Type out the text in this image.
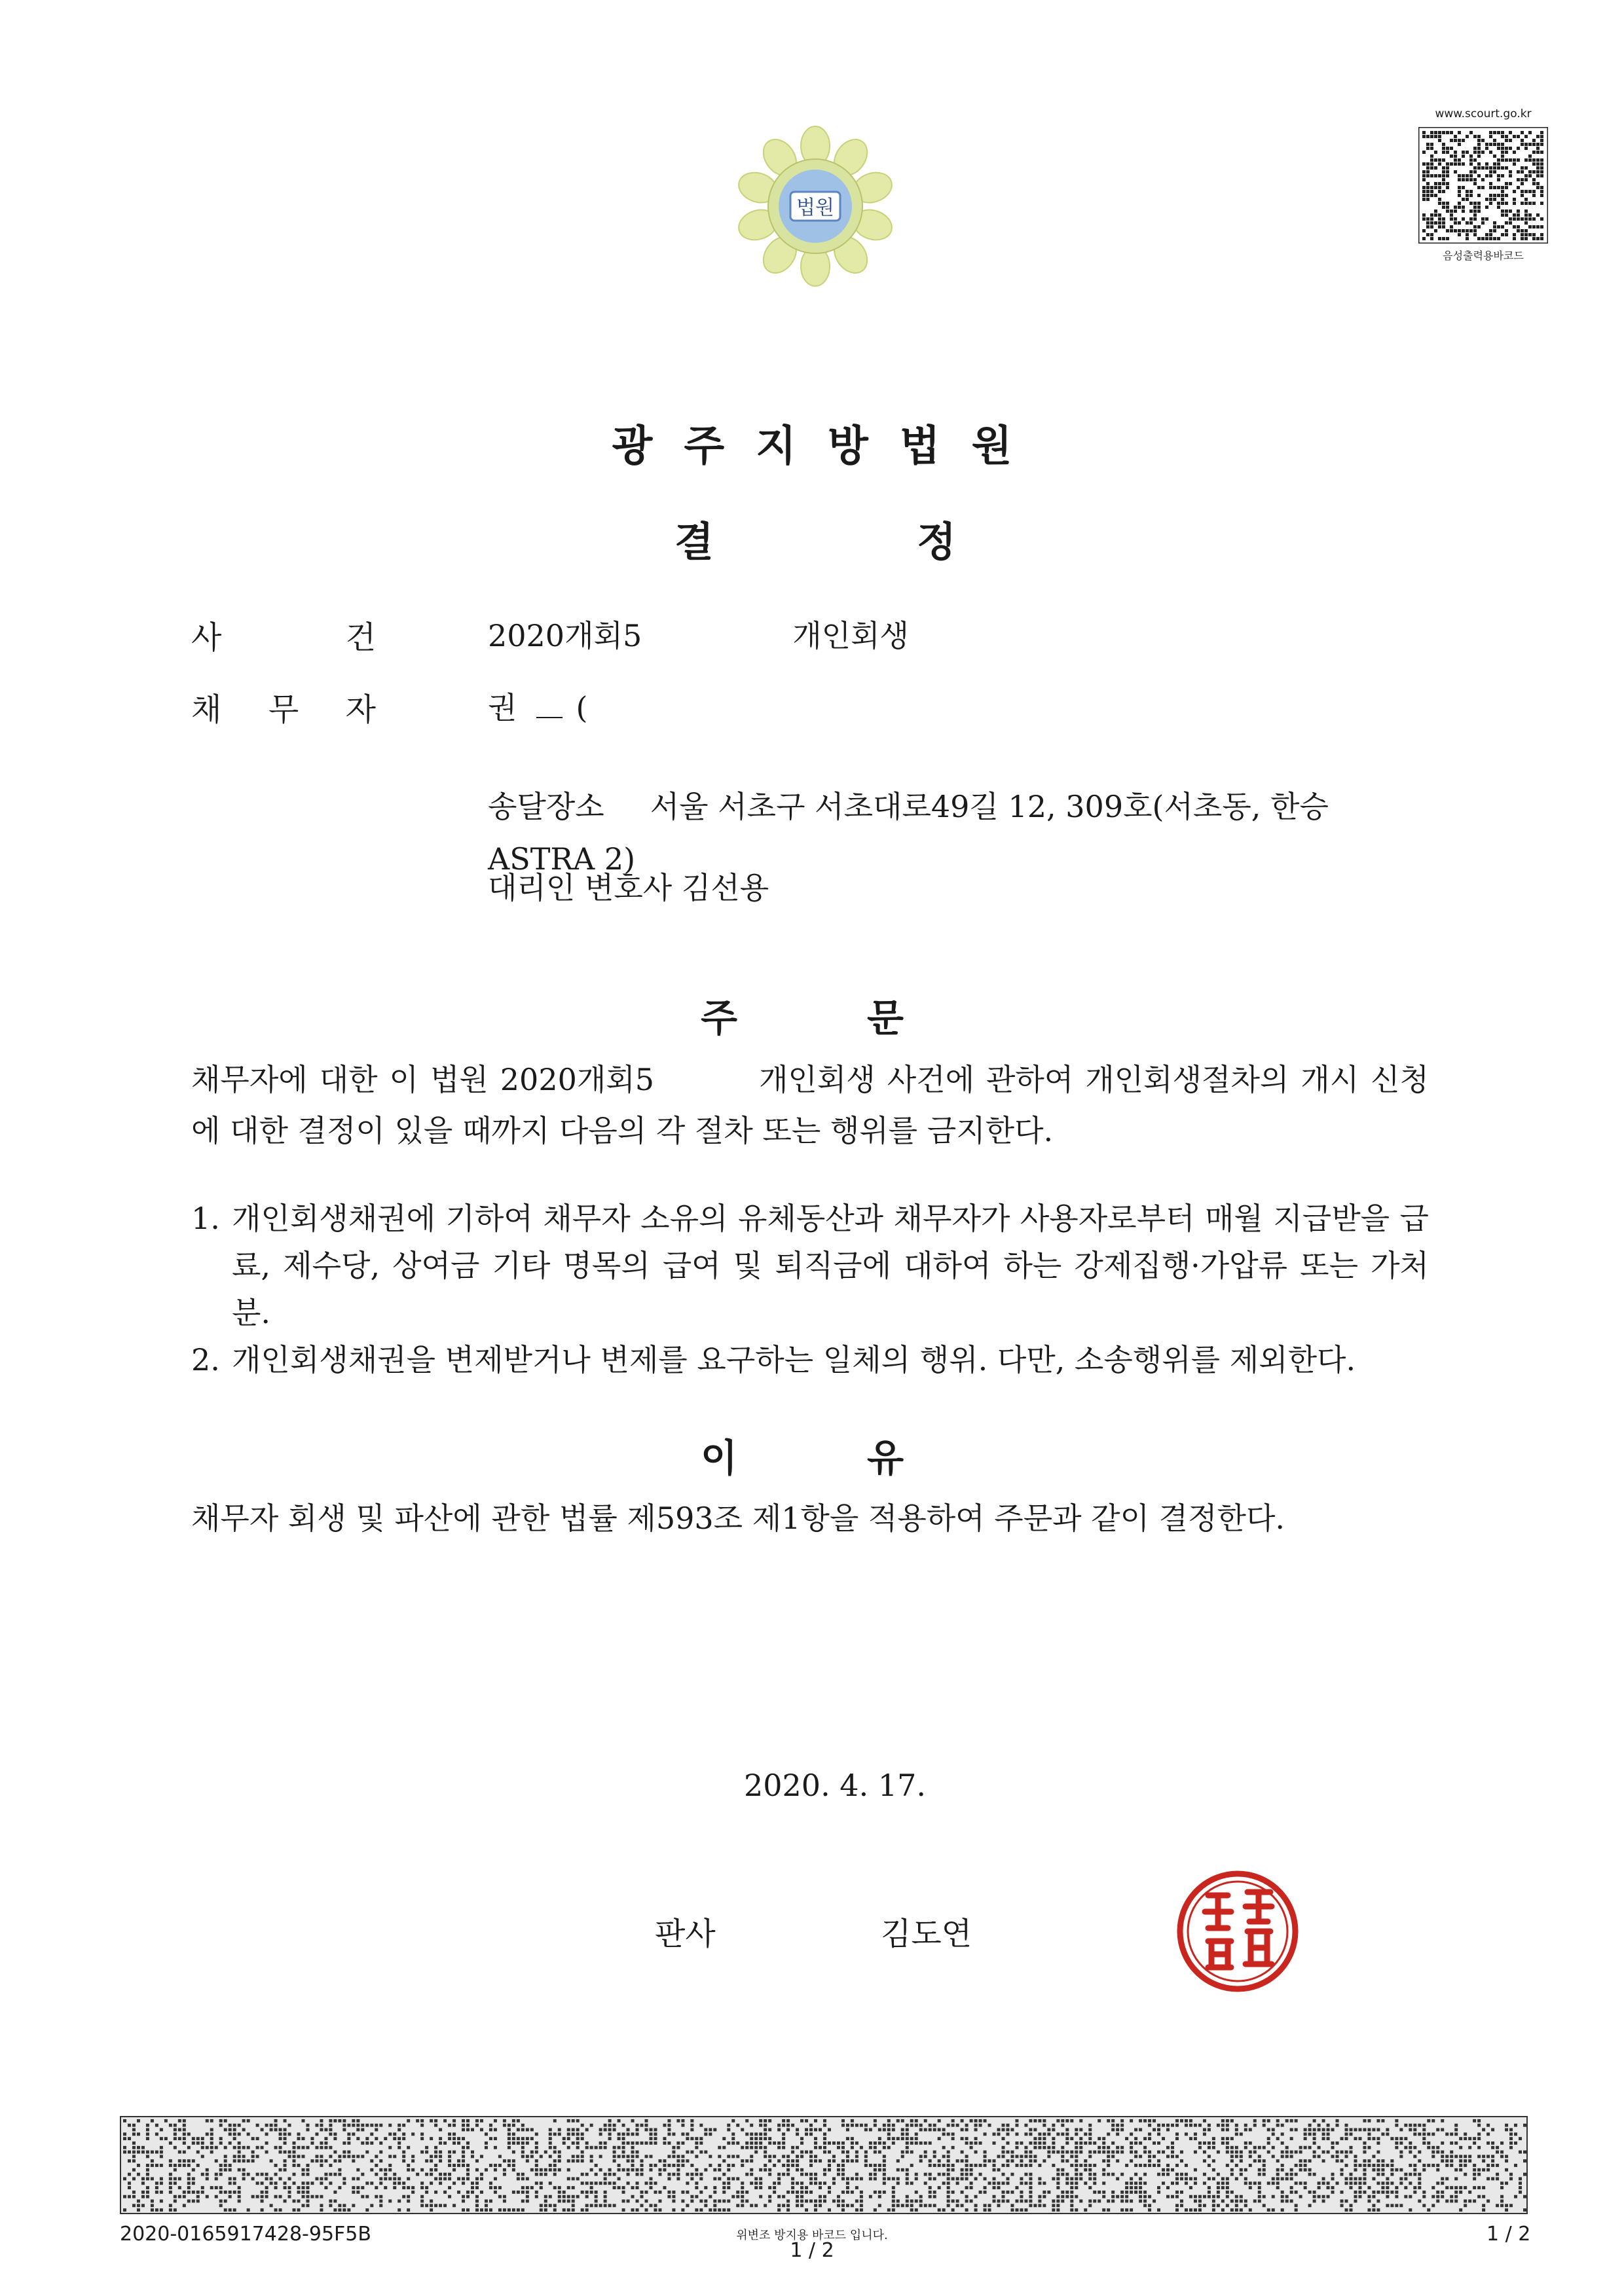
법원
www.scourt.go.kr
음성출력용바코드
광주지방법원
결	정
사	건	2020개회5	개인회생
채 무 자	권 (
송달장소 서울 서초구 서초대로49길 12, 309호(서초동, 한승
ASTRA 2)
대리인 변호사 김선용
주	문
채무자에 대한 이 법원 2020개회5	개인회생 사건에 관하여 개인회생절차의 개시 신청에 대한 결정이 있을 때까지 다음의 각 절차 또는 행위를 금지한다.
1. 개인회생채권에 기하여 채무자 소유의 유체동산과 채무자가 사용자로부터 매월 지급받을 급료, 제수당, 상여금 기타 명목의 급여 및 퇴직금에 대하여 하는 강제집행·가압류 또는 가처분.
2. 개인회생채권을 변제받거나 변제를 요구하는 일체의 행위. 다만, 소송행위를 제외한다.
이	유
채무자 회생 및 파산에 관한 법률 제593조 제1항을 적용하여 주문과 같이 결정한다.
2020. 4. 17.
판사	김도연
2020-0165917428-95F5B	위변조 방지용 바코드 입니다.
1 / 2
1 / 2
